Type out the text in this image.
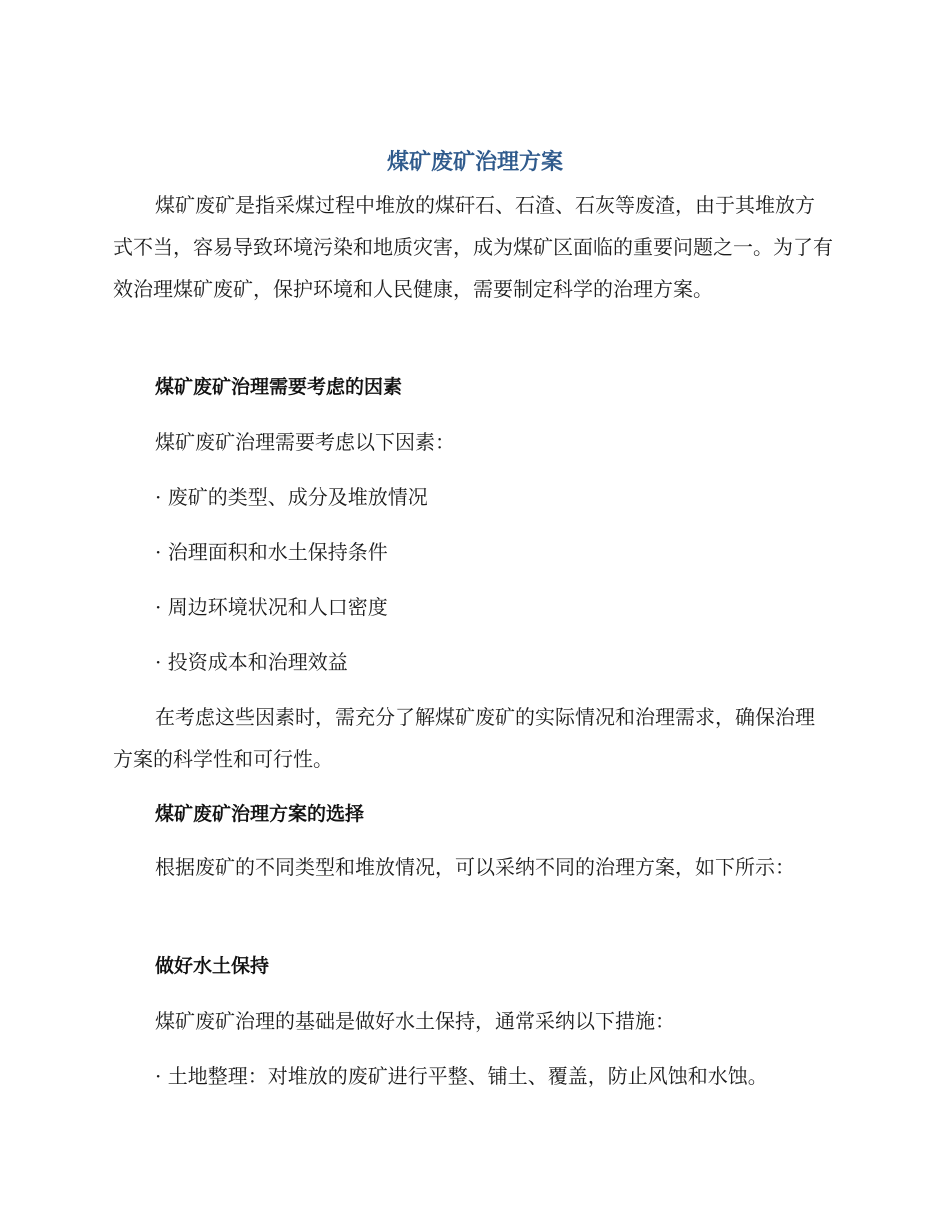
煤矿废矿治理方案

煤矿废矿是指采煤过程中堆放的煤矸石、石渣、石灰等废渣，由于其堆放方式不当，容易导致环境污染和地质灾害，成为煤矿区面临的重要问题之一。为了有效治理煤矿废矿，保护环境和人民健康，需要制定科学的治理方案。

煤矿废矿治理需要考虑的因素
煤矿废矿治理需要考虑以下因素：
· 废矿的类型、成分及堆放情况
· 治理面积和水土保持条件
· 周边环境状况和人口密度
· 投资成本和治理效益

在考虑这些因素时，需充分了解煤矿废矿的实际情况和治理需求，确保治理方案的科学性和可行性。

煤矿废矿治理方案的选择

根据废矿的不同类型和堆放情况，可以采纳不同的治理方案，如下所示：

做好水土保持
煤矿废矿治理的基础是做好水土保持，通常采纳以下措施：
· 土地整理：对堆放的废矿进行平整、铺土、覆盖，防止风蚀和水蚀。
